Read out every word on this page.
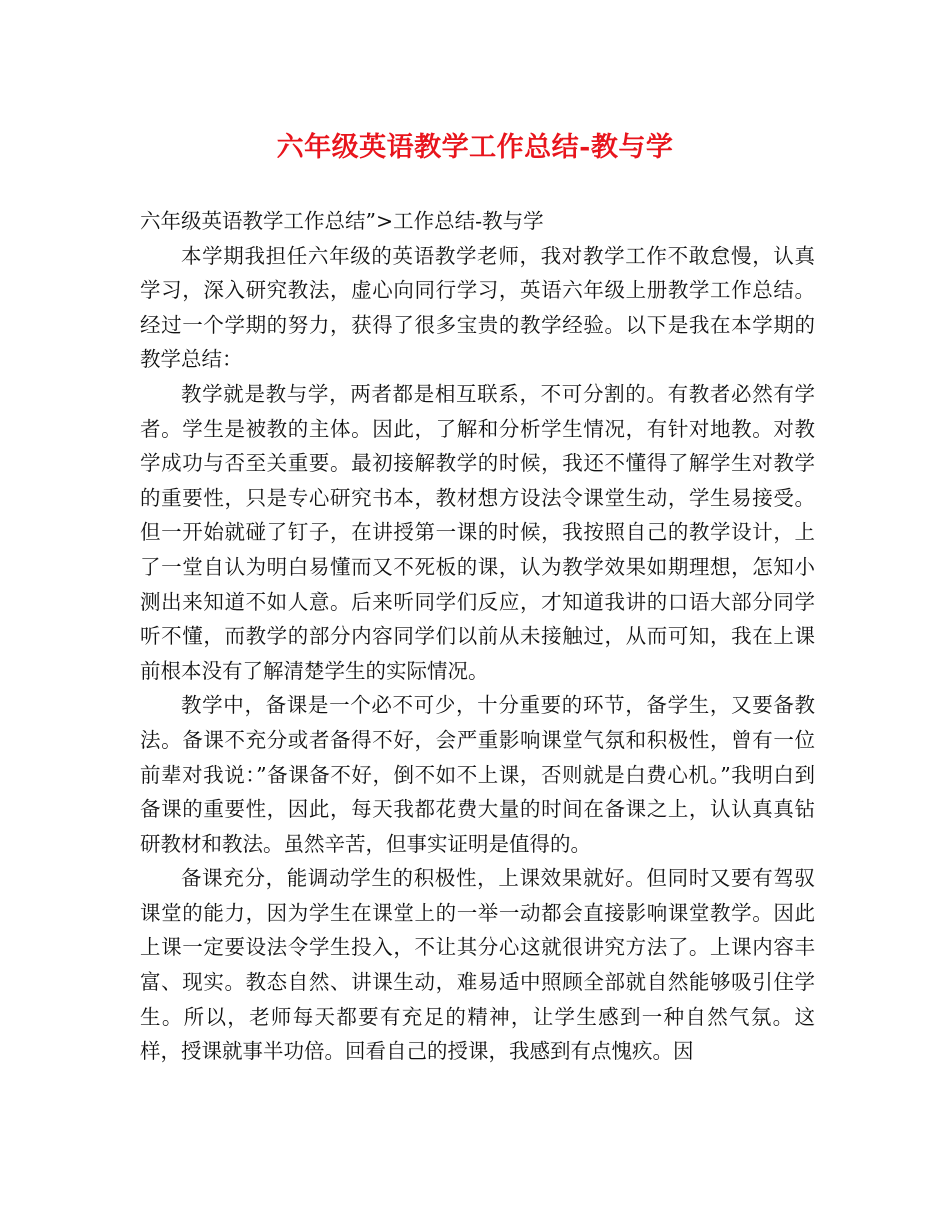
六年级英语教学工作总结-教与学

六年级英语教学工作总结”>工作总结-教与学

本学期我担任六年级的英语教学老师，我对教学工作不敢怠慢，认真学习，深入研究教法，虚心向同行学习，英语六年级上册教学工作总结。经过一个学期的努力，获得了很多宝贵的教学经验。以下是我在本学期的教学总结：

教学就是教与学，两者都是相互联系，不可分割的。有教者必然有学者。学生是被教的主体。因此，了解和分析学生情况，有针对地教。对教学成功与否至关重要。最初接解教学的时候，我还不懂得了解学生对教学的重要性，只是专心研究书本，教材想方设法令课堂生动，学生易接受。但一开始就碰了钉子，在讲授第一课的时候，我按照自己的教学设计，上了一堂自认为明白易懂而又不死板的课，认为教学效果如期理想，怎知小测出来知道不如人意。后来听同学们反应，才知道我讲的口语大部分同学听不懂，而教学的部分内容同学们以前从未接触过，从而可知，我在上课前根本没有了解清楚学生的实际情况。

教学中，备课是一个必不可少，十分重要的环节，备学生，又要备教法。备课不充分或者备得不好，会严重影响课堂气氛和积极性，曾有一位前辈对我说：”备课备不好，倒不如不上课，否则就是白费心机。”我明白到备课的重要性，因此，每天我都花费大量的时间在备课之上，认认真真钻研教材和教法。虽然辛苦，但事实证明是值得的。

备课充分，能调动学生的积极性，上课效果就好。但同时又要有驾驭课堂的能力，因为学生在课堂上的一举一动都会直接影响课堂教学。因此上课一定要设法令学生投入，不让其分心这就很讲究方法了。上课内容丰富、现实。教态自然、讲课生动，难易适中照顾全部就自然能够吸引住学生。所以，老师每天都要有充足的精神，让学生感到一种自然气氛。这样，授课就事半功倍。回看自己的授课，我感到有点愧疚。因
